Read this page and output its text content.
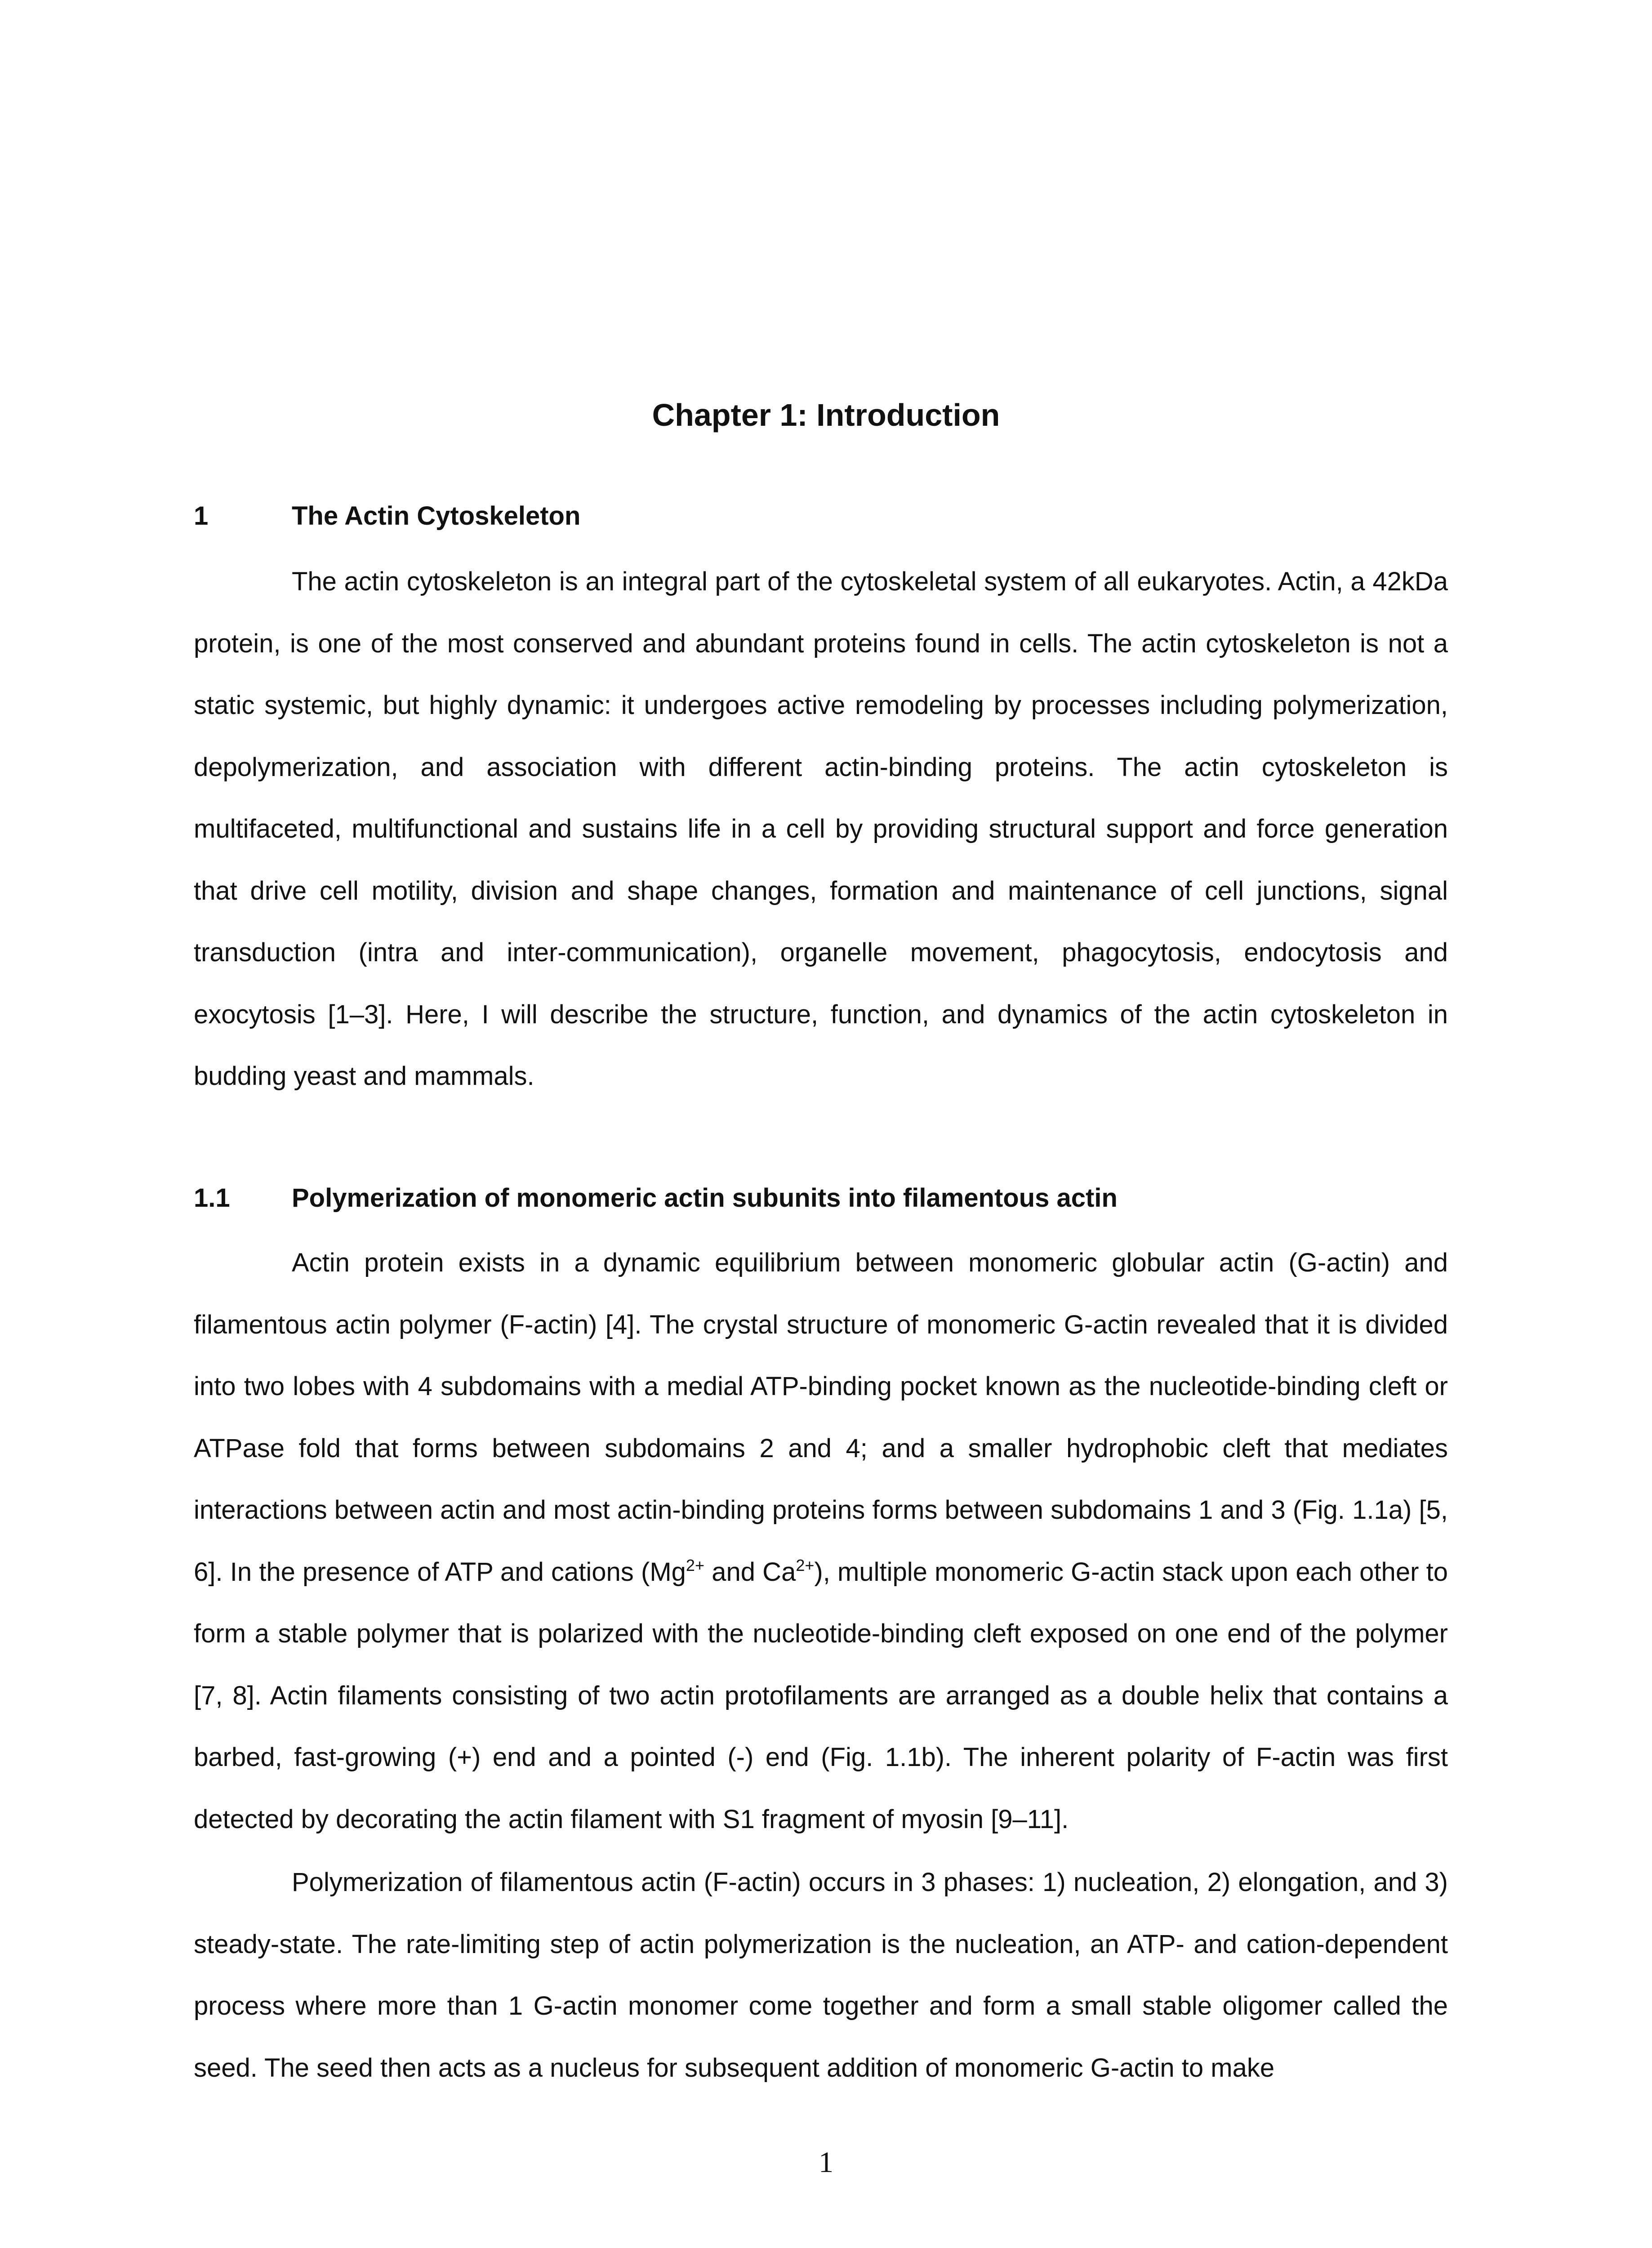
Chapter 1: Introduction
1	The Actin Cytoskeleton

The actin cytoskeleton is an integral part of the cytoskeletal system of all eukaryotes. Actin, a 42kDa protein, is one of the most conserved and abundant proteins found in cells. The actin cytoskeleton is not a static systemic, but highly dynamic: it undergoes active remodeling by processes including polymerization, depolymerization, and association with different actin-binding proteins. The actin cytoskeleton is multifaceted, multifunctional and sustains life in a cell by providing structural support and force generation that drive cell motility, division and shape changes, formation and maintenance of cell junctions, signal transduction (intra and inter-communication), organelle movement, phagocytosis, endocytosis and exocytosis [1–3]. Here, I will describe the structure, function, and dynamics of the actin cytoskeleton in budding yeast and mammals.

1.1 Polymerization of monomeric actin subunits into filamentous actin

Actin protein exists in a dynamic equilibrium between monomeric globular actin (G-actin) and filamentous actin polymer (F-actin) [4]. The crystal structure of monomeric G-actin revealed that it is divided into two lobes with 4 subdomains with a medial ATP-binding pocket known as the nucleotide-binding cleft or ATPase fold that forms between subdomains 2 and 4; and a smaller hydrophobic cleft that mediates interactions between actin and most actin-binding proteins forms between subdomains 1 and 3 (Fig. 1.1a) [5, 6]. In the presence of ATP and cations ($Mg^{2+}$ and $Ca^{2+}$), multiple monomeric G-actin stack upon each other to form a stable polymer that is polarized with the nucleotide-binding cleft exposed on one end of the polymer [7, 8]. Actin filaments consisting of two actin protofilaments are arranged as a double helix that contains a barbed, fast-growing (+) end and a pointed (-) end (Fig. 1.1b). The inherent polarity of F-actin was first detected by decorating the actin filament with S1 fragment of myosin [9–11].

Polymerization of filamentous actin (F-actin) occurs in 3 phases: 1) nucleation, 2) elongation, and 3) steady-state. The rate-limiting step of actin polymerization is the nucleation, an ATP- and cation-dependent process where more than 1 G-actin monomer come together and form a small stable oligomer called the seed. The seed then acts as a nucleus for subsequent addition of monomeric G-actin to make

1
